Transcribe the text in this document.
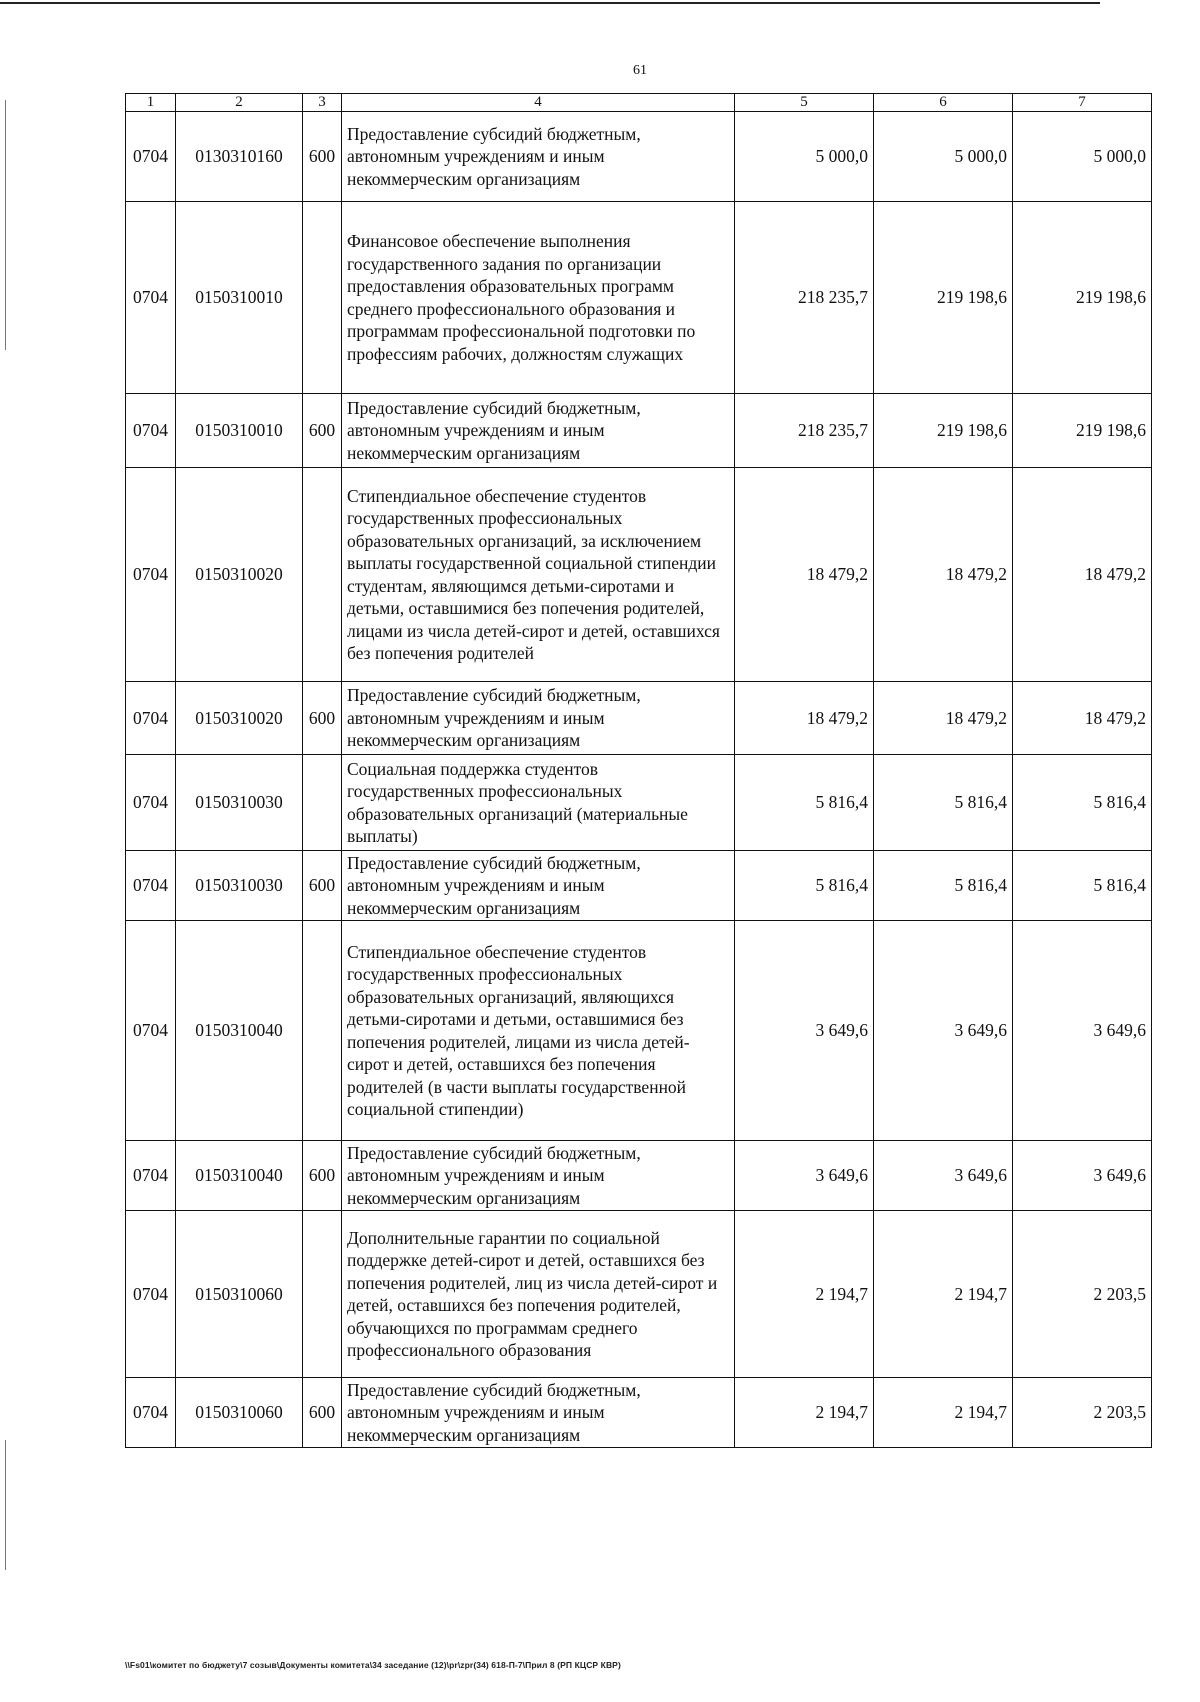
61
1	2	3	4	5	6	7
0704	0130310160	600	Предоставление субсидий бюджетным, автономным учреждениям и иным некоммерческим организациям	5 000,0	5 000,0	5 000,0
0704	0150310010		Финансовое обеспечение выполнения государственного задания по организации предоставления образовательных программ среднего профессионального образования и программам профессиональной подготовки по профессиям рабочих, должностям служащих	218 235,7	219 198,6	219 198,6
0704	0150310010	600	Предоставление субсидий бюджетным, автономным учреждениям и иным некоммерческим организациям	218 235,7	219 198,6	219 198,6
0704	0150310020		Стипендиальное обеспечение студентов государственных профессиональных образовательных организаций, за исключением выплаты государственной социальной стипендии студентам, являющимся детьми-сиротами и детьми, оставшимися без попечения родителей, лицами из числа детей-сирот и детей, оставшихся без попечения родителей	18 479,2	18 479,2	18 479,2
0704	0150310020	600	Предоставление субсидий бюджетным, автономным учреждениям и иным некоммерческим организациям	18 479,2	18 479,2	18 479,2
0704	0150310030		Социальная поддержка студентов государственных профессиональных образовательных организаций (материальные выплаты)	5 816,4	5 816,4	5 816,4
0704	0150310030	600	Предоставление субсидий бюджетным, автономным учреждениям и иным некоммерческим организациям	5 816,4	5 816,4	5 816,4
0704	0150310040		Стипендиальное обеспечение студентов государственных профессиональных образовательных организаций, являющихся детьми-сиротами и детьми, оставшимися без попечения родителей, лицами из числа детей-сирот и детей, оставшихся без попечения родителей (в части выплаты государственной социальной стипендии)	3 649,6	3 649,6	3 649,6
0704	0150310040	600	Предоставление субсидий бюджетным, автономным учреждениям и иным некоммерческим организациям	3 649,6	3 649,6	3 649,6
0704	0150310060		Дополнительные гарантии по социальной поддержке детей-сирот и детей, оставшихся без попечения родителей, лиц из числа детей-сирот и детей, оставшихся без попечения родителей, обучающихся по программам среднего профессионального образования	2 194,7	2 194,7	2 203,5
0704	0150310060	600	Предоставление субсидий бюджетным, автономным учреждениям и иным некоммерческим организациям	2 194,7	2 194,7	2 203,5
\\Fs01\комитет по бюджету\7 созыв\Документы комитета\34 заседание (12)\pr\zpr(34) 618-П-7\Прил 8 (РП КЦСР КВР)
